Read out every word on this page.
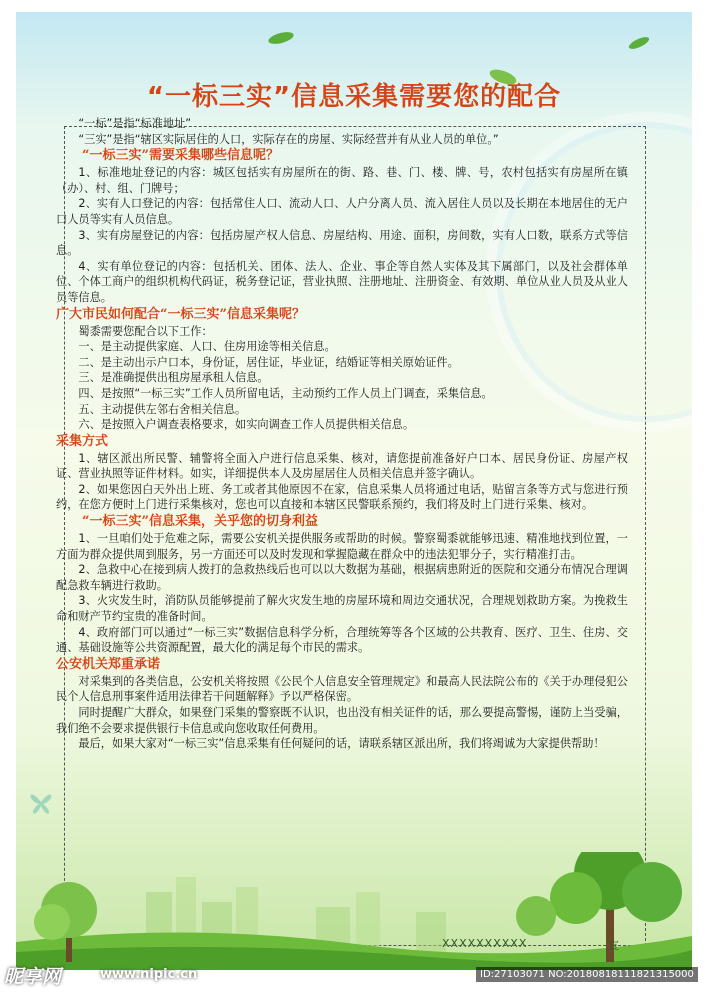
“一标三实”信息采集需要您的配合

“一标”是指“标准地址”

“三实”是指“辖区实际居住的人口，实际存在的房屋、实际经营并有从业人员的单位。”

“一标三实”需要采集哪些信息呢？

1、标准地址登记的内容：城区包括实有房屋所在的街、路、巷、门、楼、牌、号，农村包括实有房屋所在镇（办）、村、组、门牌号；

2、实有人口登记的内容：包括常住人口、流动人口、人户分离人员、流入居住人员以及长期在本地居住的无户口人员等实有人员信息。

3、实有房屋登记的内容：包括房屋产权人信息、房屋结构、用途、面积，房间数，实有人口数，联系方式等信息。

4、实有单位登记的内容：包括机关、团体、法人、企业、事企等自然人实体及其下属部门，以及社会群体单位、个体工商户的组织机构代码证，税务登记证，营业执照、注册地址、注册资金、有效期、单位从业人员及从业人员等信息。

广大市民如何配合“一标三实”信息采集呢？

蜀黍需要您配合以下工作：

一、是主动提供家庭、人口、住房用途等相关信息。

二、是主动出示户口本，身份证，居住证，毕业证，结婚证等相关原始证件。

三、是准确提供出租房屋承租人信息。

四、是按照“一标三实”工作人员所留电话，主动预约工作人员上门调查，采集信息。

五、主动提供左邻右舍相关信息。

六、是按照入户调查表格要求，如实向调查工作人员提供相关信息。

采集方式

1、辖区派出所民警、辅警将全面入户进行信息采集、核对，请您提前准备好户口本、居民身份证、房屋产权证、营业执照等证件材料。如实，详细提供本人及房屋居住人员相关信息并签字确认。

2、如果您因白天外出上班、务工或者其他原因不在家，信息采集人员将通过电话，贴留言条等方式与您进行预约，在您方便时上门进行采集核对，您也可以直接和本辖区民警联系预约，我们将及时上门进行采集、核对。

“一标三实”信息采集，关乎您的切身利益

1、一旦咱们处于危难之际，需要公安机关提供服务或帮助的时候。警察蜀黍就能够迅速、精准地找到位置，一方面为群众提供周到服务，另一方面还可以及时发现和掌握隐藏在群众中的违法犯罪分子，实行精准打击。

2、急救中心在接到病人拨打的急救热线后也可以以大数据为基础，根据病患附近的医院和交通分布情况合理调配急救车辆进行救助。

3、火灾发生时，消防队员能够提前了解火灾发生地的房屋环境和周边交通状况，合理规划救助方案。为挽救生命和财产节约宝贵的准备时间。

4、政府部门可以通过“一标三实”数据信息科学分析，合理统筹等各个区域的公共教育、医疗、卫生、住房、交通、基础设施等公共资源配置，最大化的满足每个市民的需求。

公安机关郑重承诺

对采集到的各类信息，公安机关将按照《公民个人信息安全管理规定》和最高人民法院公布的《关于办理侵犯公民个人信息刑事案件适用法律若干问题解释》予以严格保密。

同时提醒广大群众，如果登门采集的警察既不认识，也出没有相关证件的话，那么要提高警惕，谨防上当受骗，我们绝不会要求提供银行卡信息或向您收取任何费用。

最后，如果大家对“一标三实”信息采集有任何疑问的话，请联系辖区派出所，我们将竭诚为大家提供帮助！

XXXXXXXXXX	宣
昵享网	www.nipic.cn	ID:27103071 NO:20180818111821315000
